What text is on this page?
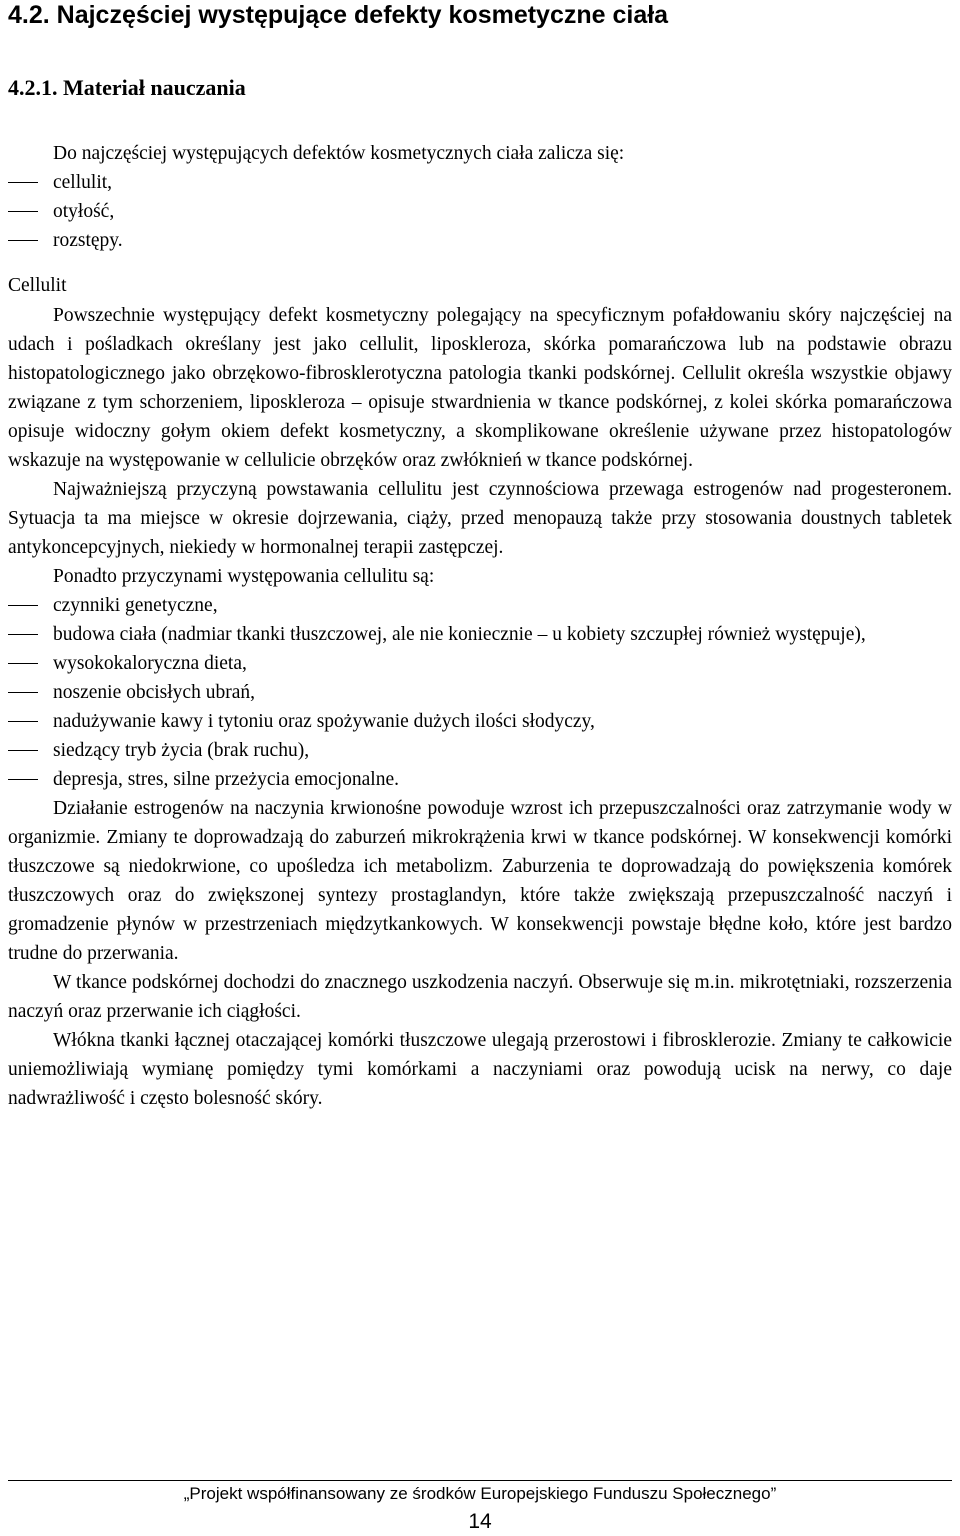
4.2. Najczęściej występujące defekty kosmetyczne ciała
4.2.1. Materiał nauczania
Do najczęściej występujących defektów kosmetycznych ciała zalicza się:
cellulit,
otyłość,
rozstępy.
Cellulit

Powszechnie występujący defekt kosmetyczny polegający na specyficznym pofałdowaniu skóry najczęściej na udach i pośladkach określany jest jako cellulit, liposkleroza, skórka pomarańczowa lub na podstawie obrazu histopatologicznego jako obrzękowo-fibrosklerotyczna patologia tkanki podskórnej. Cellulit określa wszystkie objawy związane z tym schorzeniem, liposkleroza – opisuje stwardnienia w tkance podskórnej, z kolei skórka pomarańczowa opisuje widoczny gołym okiem defekt kosmetyczny, a skomplikowane określenie używane przez histopatologów wskazuje na występowanie w cellulicie obrzęków oraz zwłóknień w tkance podskórnej.

Najważniejszą przyczyną powstawania cellulitu jest czynnościowa przewaga estrogenów nad progesteronem. Sytuacja ta ma miejsce w okresie dojrzewania, ciąży, przed menopauzą także przy stosowania doustnych tabletek antykoncepcyjnych, niekiedy w hormonalnej terapii zastępczej.

Ponadto przyczynami występowania cellulitu są:

czynniki genetyczne,
budowa ciała (nadmiar tkanki tłuszczowej, ale nie koniecznie – u kobiety szczupłej również występuje),
wysokokaloryczna dieta,
noszenie obcisłych ubrań,
nadużywanie kawy i tytoniu oraz spożywanie dużych ilości słodyczy,
siedzący tryb życia (brak ruchu),
depresja, stres, silne przeżycia emocjonalne.

Działanie estrogenów na naczynia krwionośne powoduje wzrost ich przepuszczalności oraz zatrzymanie wody w organizmie. Zmiany te doprowadzają do zaburzeń mikrokrążenia krwi w tkance podskórnej. W konsekwencji komórki tłuszczowe są niedokrwione, co upośledza ich metabolizm. Zaburzenia te doprowadzają do powiększenia komórek tłuszczowych oraz do zwiększonej syntezy prostaglandyn, które także zwiększają przepuszczalność naczyń i gromadzenie płynów w przestrzeniach międzytkankowych. W konsekwencji powstaje błędne koło, które jest bardzo trudne do przerwania.

W tkance podskórnej dochodzi do znacznego uszkodzenia naczyń. Obserwuje się m.in. mikrotętniaki, rozszerzenia naczyń oraz przerwanie ich ciągłości.

Włókna tkanki łącznej otaczającej komórki tłuszczowe ulegają przerostowi i fibrosklerozie. Zmiany te całkowicie uniemożliwiają wymianę pomiędzy tymi komórkami a naczyniami oraz powodują ucisk na nerwy, co daje nadwrażliwość i często bolesność skóry.

„Projekt współfinansowany ze środków Europejskiego Funduszu Społecznego”
14
